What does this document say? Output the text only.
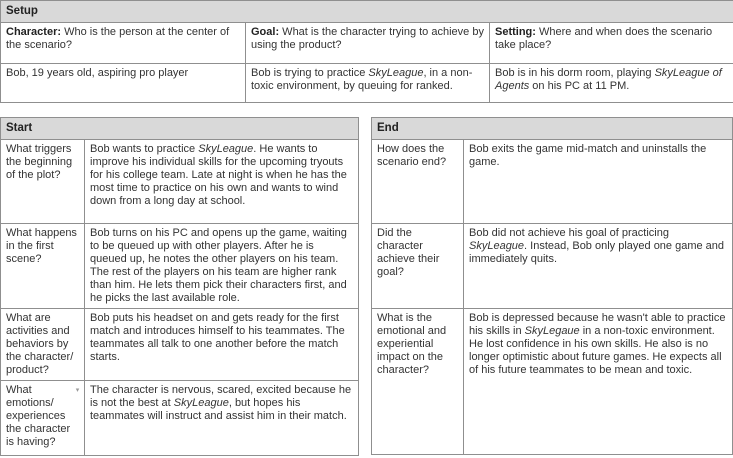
Setup		
Character: Who is the person at the center of the scenario?	Goal: What is the character trying to achieve by using the product?	Setting: Where and when does the scenario take place?
Bob, 19 years old, aspiring pro player	Bob is trying to practice SkyLeague, in a non-toxic environment, by queuing for ranked.	Bob is in his dorm room, playing SkyLeague of Agents on his PC at 11 PM.
Start	
What triggers the beginning of the plot?	Bob wants to practice SkyLeague. He wants to improve his individual skills for the upcoming tryouts for his college team. Late at night is when he has the most time to practice on his own and wants to wind down from a long day at school.
What happens in the first scene?	Bob turns on his PC and opens up the game, waiting to be queued up with other players. After he is queued up, he notes the other players on his team. The rest of the players on his team are higher rank than him. He lets them pick their characters first, and he picks the last available role.
What are activities and behaviors by the character/ product?	Bob puts his headset on and gets ready for the first match and introduces himself to his teammates. The teammates all talk to one another before the match starts.
What emotions/ experiences the character is having?	The character is nervous, scared, excited because he is not the best at SkyLeague, but hopes his teammates will instruct and assist him in their match.
▾
End	
How does the scenario end?	Bob exits the game mid-match and uninstalls the game.
Did the character achieve their goal?	Bob did not achieve his goal of practicing SkyLeague. Instead, Bob only played one game and immediately quits.
What is the emotional and experiential impact on the character?	Bob is depressed because he wasn't able to practice his skills in SkyLegaue in a non-toxic environment. He lost confidence in his own skills. He also is no longer optimistic about future games. He expects all of his future teammates to be mean and toxic.
